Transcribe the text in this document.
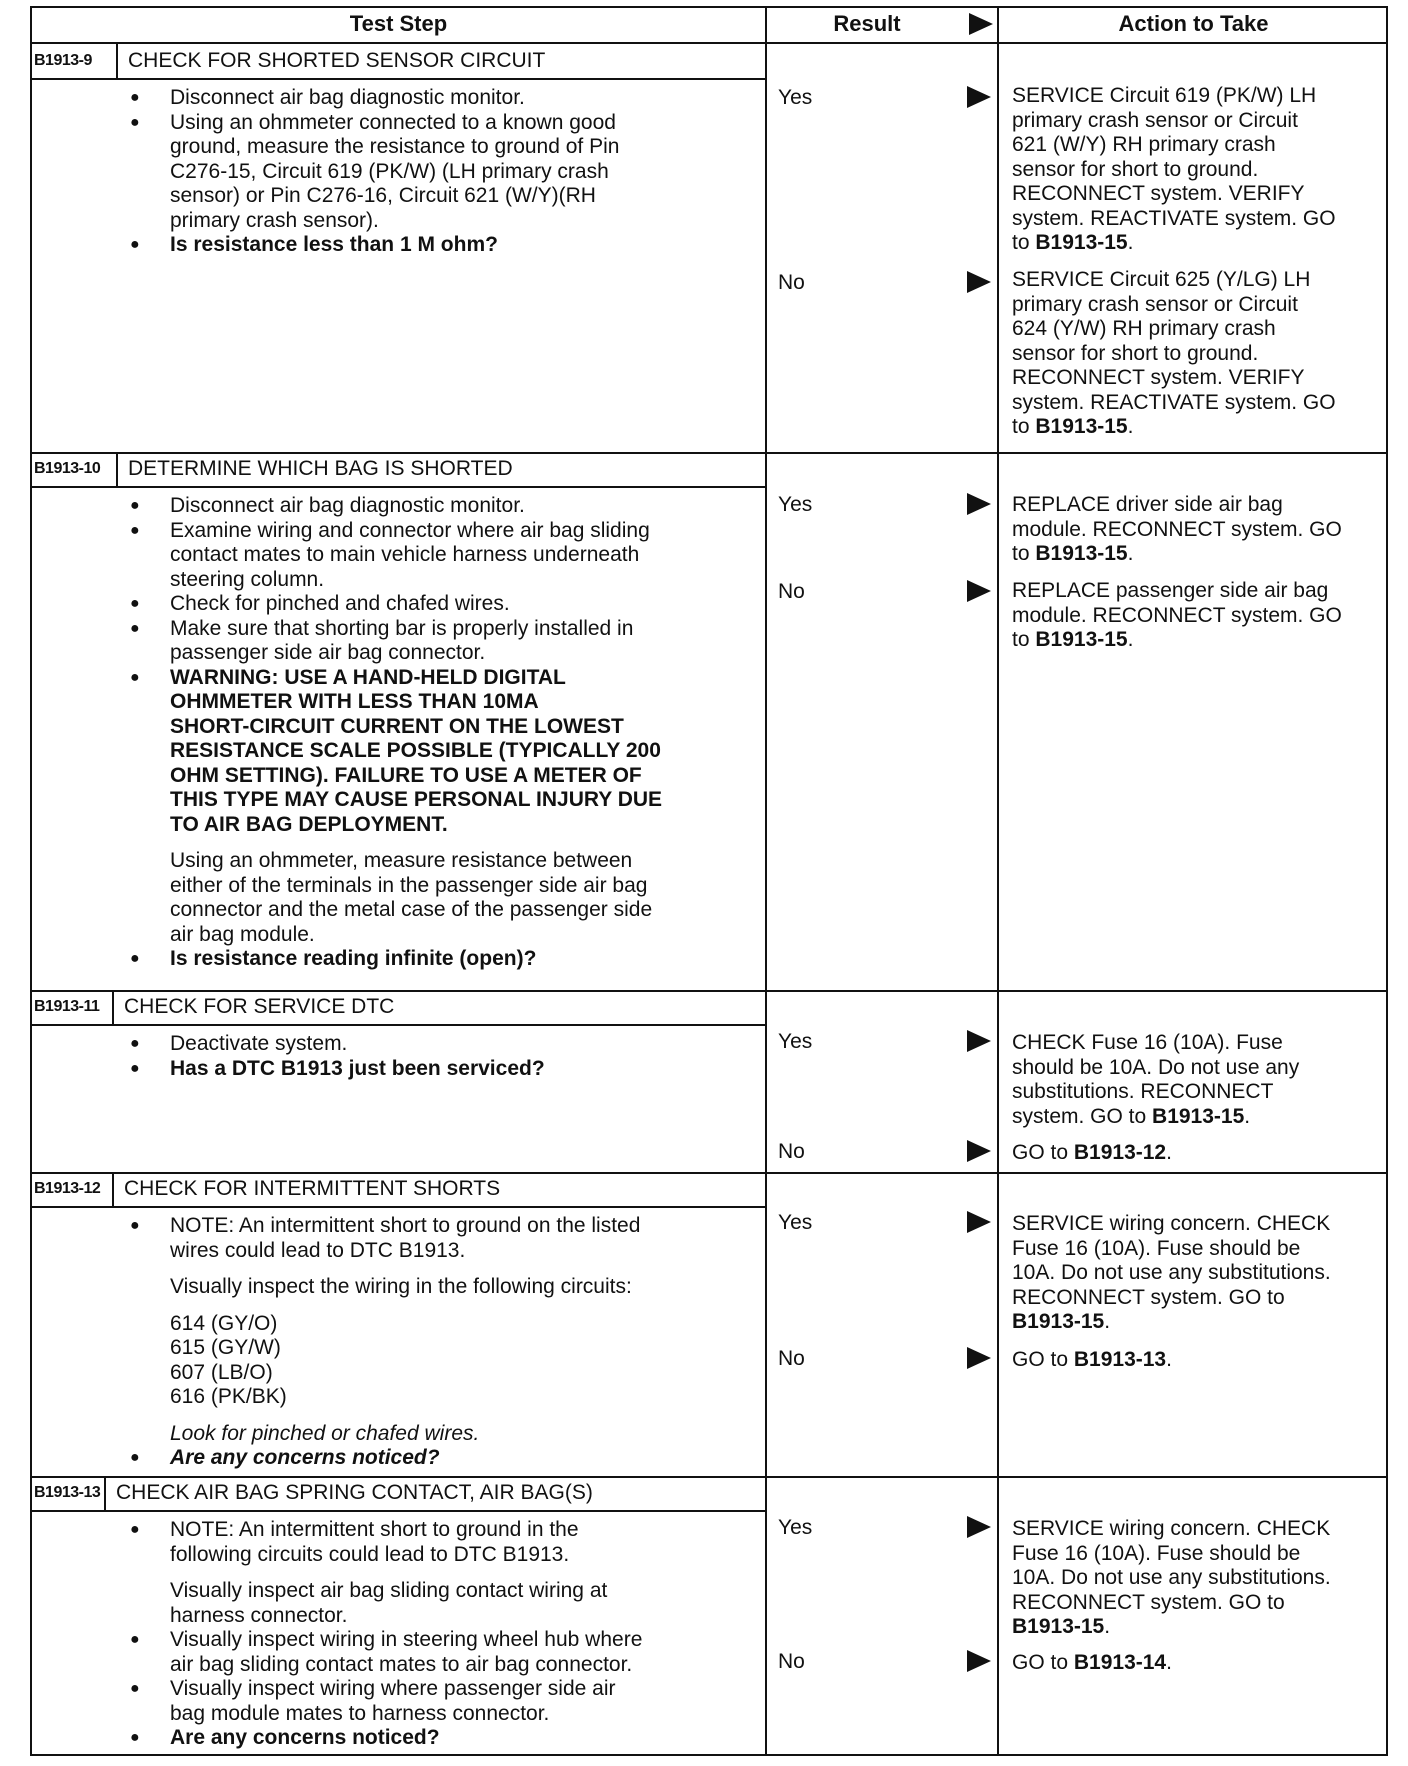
Test Step	Result	Action to Take
B1913-9	CHECK FOR SHORTED SENSOR CIRCUIT
● Disconnect air bag diagnostic monitor.
● Using an ohmmeter connected to a known good
ground, measure the resistance to ground of Pin
C276-15, Circuit 619 (PK/W) (LH primary crash
sensor) or Pin C276-16, Circuit 621 (W/Y)(RH
primary crash sensor).
● Is resistance less than 1 M ohm?
Yes	SERVICE Circuit 619 (PK/W) LH
primary crash sensor or Circuit
621 (W/Y) RH primary crash
sensor for short to ground.
RECONNECT system. VERIFY
system. REACTIVATE system. GO
to B1913-15.
No	SERVICE Circuit 625 (Y/LG) LH
primary crash sensor or Circuit
624 (Y/W) RH primary crash
sensor for short to ground.
RECONNECT system. VERIFY
system. REACTIVATE system. GO
to B1913-15.
B1913-10	DETERMINE WHICH BAG IS SHORTED
● Disconnect air bag diagnostic monitor.
● Examine wiring and connector where air bag sliding
contact mates to main vehicle harness underneath
steering column.
● Check for pinched and chafed wires.
● Make sure that shorting bar is properly installed in
passenger side air bag connector.
● WARNING: USE A HAND-HELD DIGITAL
OHMMETER WITH LESS THAN 10MA
SHORT-CIRCUIT CURRENT ON THE LOWEST
RESISTANCE SCALE POSSIBLE (TYPICALLY 200
OHM SETTING). FAILURE TO USE A METER OF
THIS TYPE MAY CAUSE PERSONAL INJURY DUE
TO AIR BAG DEPLOYMENT.
Using an ohmmeter, measure resistance between
either of the terminals in the passenger side air bag
connector and the metal case of the passenger side
air bag module.
● Is resistance reading infinite (open)?
Yes	REPLACE driver side air bag
module. RECONNECT system. GO
to B1913-15.
No	REPLACE passenger side air bag
module. RECONNECT system. GO
to B1913-15.
B1913-11	CHECK FOR SERVICE DTC
● Deactivate system.
● Has a DTC B1913 just been serviced?
Yes	CHECK Fuse 16 (10A). Fuse
should be 10A. Do not use any
substitutions. RECONNECT
system. GO to B1913-15.
No	GO to B1913-12.
B1913-12	CHECK FOR INTERMITTENT SHORTS
● NOTE: An intermittent short to ground on the listed
wires could lead to DTC B1913.
Visually inspect the wiring in the following circuits:
614 (GY/O)
615 (GY/W)
607 (LB/O)
616 (PK/BK)
Look for pinched or chafed wires.
● Are any concerns noticed?
Yes	SERVICE wiring concern. CHECK
Fuse 16 (10A). Fuse should be
10A. Do not use any substitutions.
RECONNECT system. GO to
B1913-15.
No	GO to B1913-13.
B1913-13 CHECK AIR BAG SPRING CONTACT, AIR BAG(S)
● NOTE: An intermittent short to ground in the
following circuits could lead to DTC B1913.
Visually inspect air bag sliding contact wiring at
harness connector.
● Visually inspect wiring in steering wheel hub where
air bag sliding contact mates to air bag connector.
● Visually inspect wiring where passenger side air
bag module mates to harness connector.
● Are any concerns noticed?
Yes	SERVICE wiring concern. CHECK
Fuse 16 (10A). Fuse should be
10A. Do not use any substitutions.
RECONNECT system. GO to
B1913-15.
No	GO to B1913-14.
